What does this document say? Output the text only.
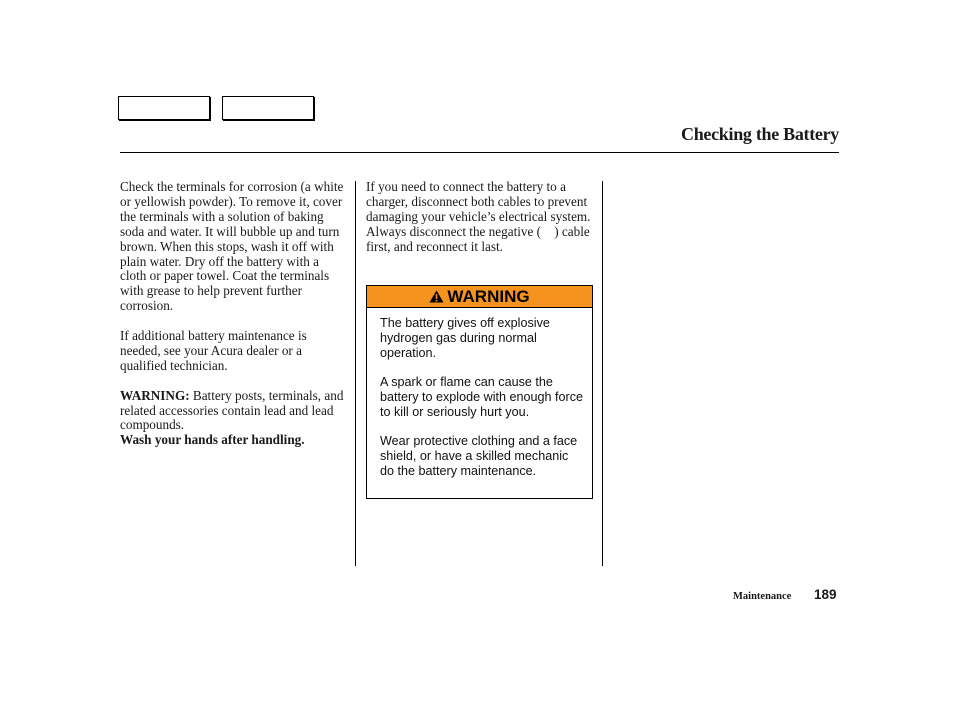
Checking the Battery

Check the terminals for corrosion (a white or yellowish powder). To remove it, cover the terminals with a solution of baking soda and water. It will bubble up and turn brown. When this stops, wash it off with plain water. Dry off the battery with a cloth or paper towel. Coat the terminals with grease to help prevent further corrosion.

If additional battery maintenance is needed, see your Acura dealer or a qualified technician.

WARNING: Battery posts, terminals, and related accessories contain lead and lead compounds.
Wash your hands after handling.

If you need to connect the battery to a charger, disconnect both cables to prevent damaging your vehicle’s electrical system. Always disconnect the negative ( ) cable first, and reconnect it last.

WARNING

The battery gives off explosive hydrogen gas during normal operation.

A spark or flame can cause the battery to explode with enough force to kill or seriously hurt you.

Wear protective clothing and a face shield, or have a skilled mechanic do the battery maintenance.

Maintenance 189
